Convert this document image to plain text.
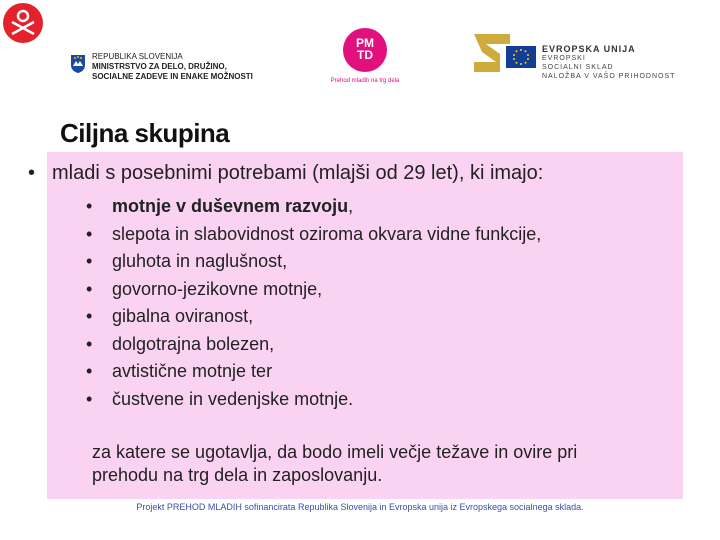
REPUBLIKA SLOVENIJA
MINISTRSTVO ZA DELO, DRUŽINO,
SOCIALNE ZADEVE IN ENAKE MOŽNOSTI
PM
TD
Prehod mladih na trg dela
EVROPSKA UNIJA
EVROPSKI
SOCIALNI SKLAD
NALOŽBA V VAŠO PRIHODNOST
Ciljna skupina
• mladi s posebnimi potrebami (mlajši od 29 let), ki imajo:
• motnje v duševnem razvoju,
• slepota in slabovidnost oziroma okvara vidne funkcije,
• gluhota in naglušnost,
• govorno-jezikovne motnje,
• gibalna oviranost,
• dolgotrajna bolezen,
• avtistične motnje ter
• čustvene in vedenjske motnje.
za katere se ugotavlja, da bodo imeli večje težave in ovire pri
prehodu na trg dela in zaposlovanju.
Projekt PREHOD MLADIH sofinancirata Republika Slovenija in Evropska unija iz Evropskega socialnega sklada.
